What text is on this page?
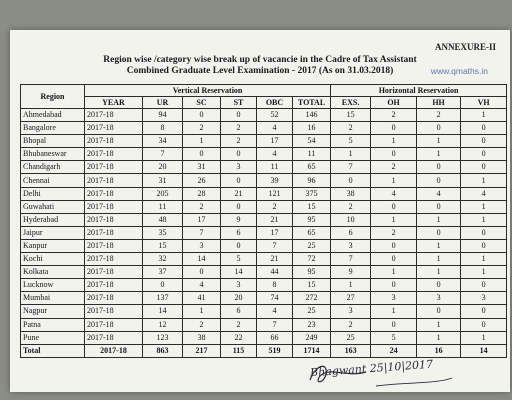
ANNEXURE-II
Region wise /category wise break up of vacancie in the Cadre of Tax Assistant
Combined Graduate Level Examination - 2017 (As on 31.03.2018)	www.qmaths.in
Region	Vertical Reservation						Horizontal Reservation			
	YEAR	UR	SC	ST	OBC	TOTAL	EXS.	OH	HH	VH
Ahmedabad	2017-18	94	0	0	52	146	15	2	2	1
Bangalore	2017-18	8	2	2	4	16	2	0	0	0
Bhopal	2017-18	34	1	2	17	54	5	1	1	0
Bhubaneswar	2017-18	7	0	0	4	11	1	0	1	0
Chandigarh	2017-18	20	31	3	11	65	7	2	0	0
Chennai	2017-18	31	26	0	39	96	0	1	0	1
Delhi	2017-18	205	28	21	121	375	38	4	4	4
Guwahati	2017-18	11	2	0	2	15	2	0	0	1
Hyderabad	2017-18	48	17	9	21	95	10	1	1	1
Jaipur	2017-18	35	7	6	17	65	6	2	0	0
Kanpur	2017-18	15	3	0	7	25	3	0	1	0
Kochi	2017-18	32	14	5	21	72	7	0	1	1
Kolkata	2017-18	37	0	14	44	95	9	1	1	1
Lucknow	2017-18	0	4	3	8	15	1	0	0	0
Mumbai	2017-18	137	41	20	74	272	27	3	3	3
Nagpur	2017-18	14	1	6	4	25	3	1	0	0
Patna	2017-18	12	2	2	7	23	2	0	1	0
Pune	2017-18	123	38	22	66	249	25	5	1	1
Total	2017-18	863	217	115	519	1714	163	24	16	14
Bhagwant 25|10|2017
